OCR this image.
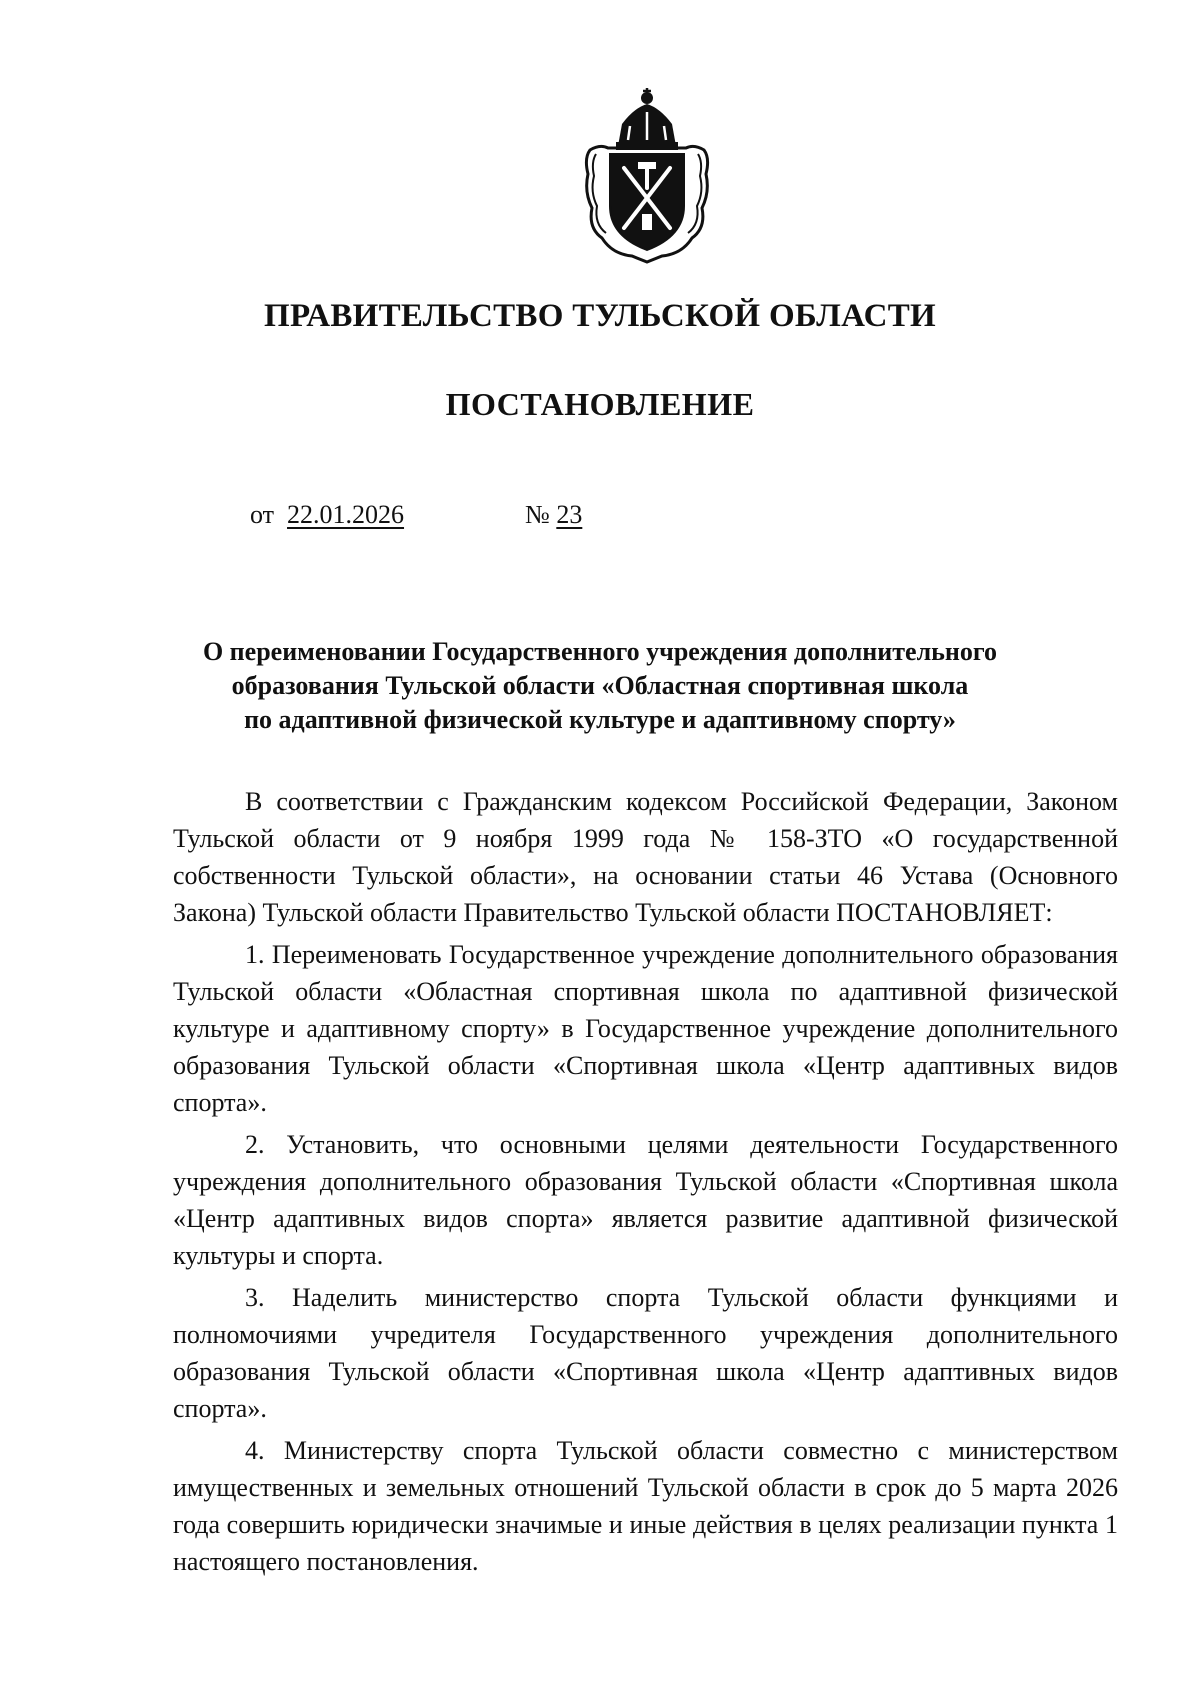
ПРАВИТЕЛЬСТВО ТУЛЬСКОЙ ОБЛАСТИ
ПОСТАНОВЛЕНИЕ
от 22.01.2026	№ 23
О переименовании Государственного учреждения дополнительного
образования Тульской области «Областная спортивная школа
по адаптивной физической культуре и адаптивному спорту»

В соответствии с Гражданским кодексом Российской Федерации, Законом Тульской области от 9 ноября 1999 года № 158-ЗТО «О государственной собственности Тульской области», на основании статьи 46 Устава (Основного Закона) Тульской области Правительство Тульской области ПОСТАНОВЛЯЕТ:

1. Переименовать Государственное учреждение дополнительного образования Тульской области «Областная спортивная школа по адаптивной физической культуре и адаптивному спорту» в Государственное учреждение дополнительного образования Тульской области «Спортивная школа «Центр адаптивных видов спорта».

2. Установить, что основными целями деятельности Государственного учреждения дополнительного образования Тульской области «Спортивная школа «Центр адаптивных видов спорта» является развитие адаптивной физической культуры и спорта.

3. Наделить министерство спорта Тульской области функциями и полномочиями учредителя Государственного учреждения дополнительного образования Тульской области «Спортивная школа «Центр адаптивных видов спорта».

4. Министерству спорта Тульской области совместно с министерством имущественных и земельных отношений Тульской области в срок до 5 марта 2026 года совершить юридически значимые и иные действия в целях реализации пункта 1 настоящего постановления.
